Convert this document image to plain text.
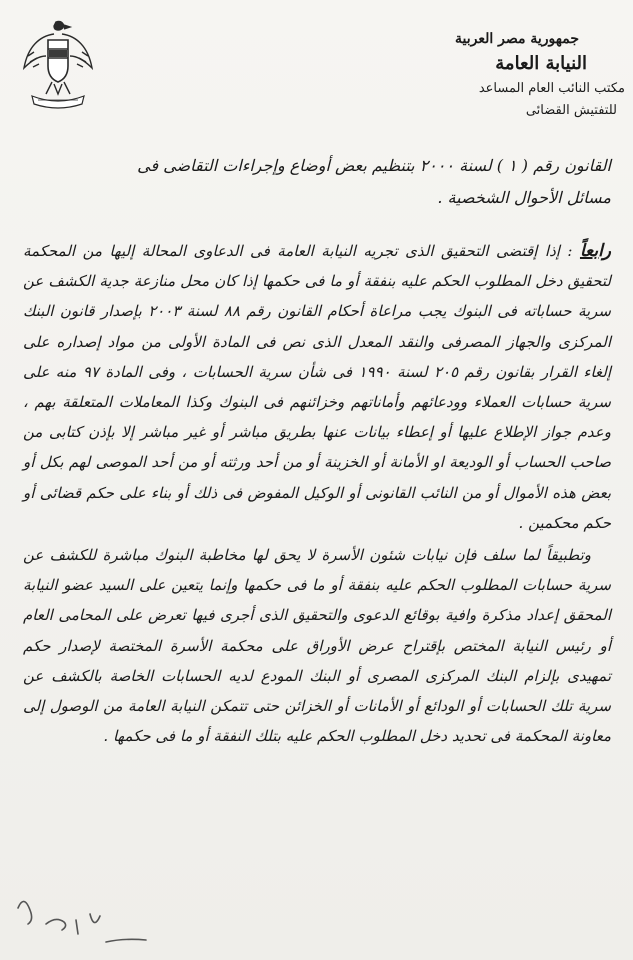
جمهورية مصر العربية
النيابة العامة
مكتب النائب العام المساعد
للتفتيش القضائى
القانون رقم ( ١ ) لسنة ٢٠٠٠ بتنظيم بعض أوضاع وإجراءات التقاضى فى
مسائل الأحوال الشخصية .

رابعاً : إذا إقتضى التحقيق الذى تجريه النيابة العامة فى الدعاوى المحالة إليها من المحكمة لتحقيق دخل المطلوب الحكم عليه بنفقة أو ما فى حكمها إذا كان محل منازعة جدية الكشف عن سرية حساباته فى البنوك يجب مراعاة أحكام القانون رقم ٨٨ لسنة ٢٠٠٣ بإصدار قانون البنك المركزى والجهاز المصرفى والنقد المعدل الذى نص فى المادة الأولى من مواد إصداره على إلغاء القرار بقانون رقم ٢٠٥ لسنة ١٩٩٠ فى شأن سرية الحسابات ، وفى المادة ٩٧ منه على سرية حسابات العملاء وودعائهم وأماناتهم وخزائنهم فى البنوك وكذا المعاملات المتعلقة بهم ، وعدم جواز الإطلاع عليها أو إعطاء بيانات عنها بطريق مباشر أو غير مباشر إلا بإذن كتابى من صاحب الحساب أو الوديعة او الأمانة أو الخزينة أو من أحد ورثته أو من أحد الموصى لهم بكل أو بعض هذه الأموال أو من النائب القانونى أو الوكيل المفوض فى ذلك أو بناء على حكم قضائى أو حكم محكمين .

وتطبيقاً لما سلف فإن نيابات شئون الأسرة لا يحق لها مخاطبة البنوك مباشرة للكشف عن سرية حسابات المطلوب الحكم عليه بنفقة أو ما فى حكمها وإنما يتعين على السيد عضو النيابة المحقق إعداد مذكرة وافية بوقائع الدعوى والتحقيق الذى أجرى فيها تعرض على المحامى العام أو رئيس النيابة المختص بإقتراح عرض الأوراق على محكمة الأسرة المختصة لإصدار حكم تمهيدى بإلزام البنك المركزى المصرى أو البنك المودع لديه الحسابات الخاصة بالكشف عن سرية تلك الحسابات أو الودائع أو الأمانات أو الخزائن حتى تتمكن النيابة العامة من الوصول إلى معاونة المحكمة فى تحديد دخل المطلوب الحكم عليه بتلك النفقة أو ما فى حكمها .
